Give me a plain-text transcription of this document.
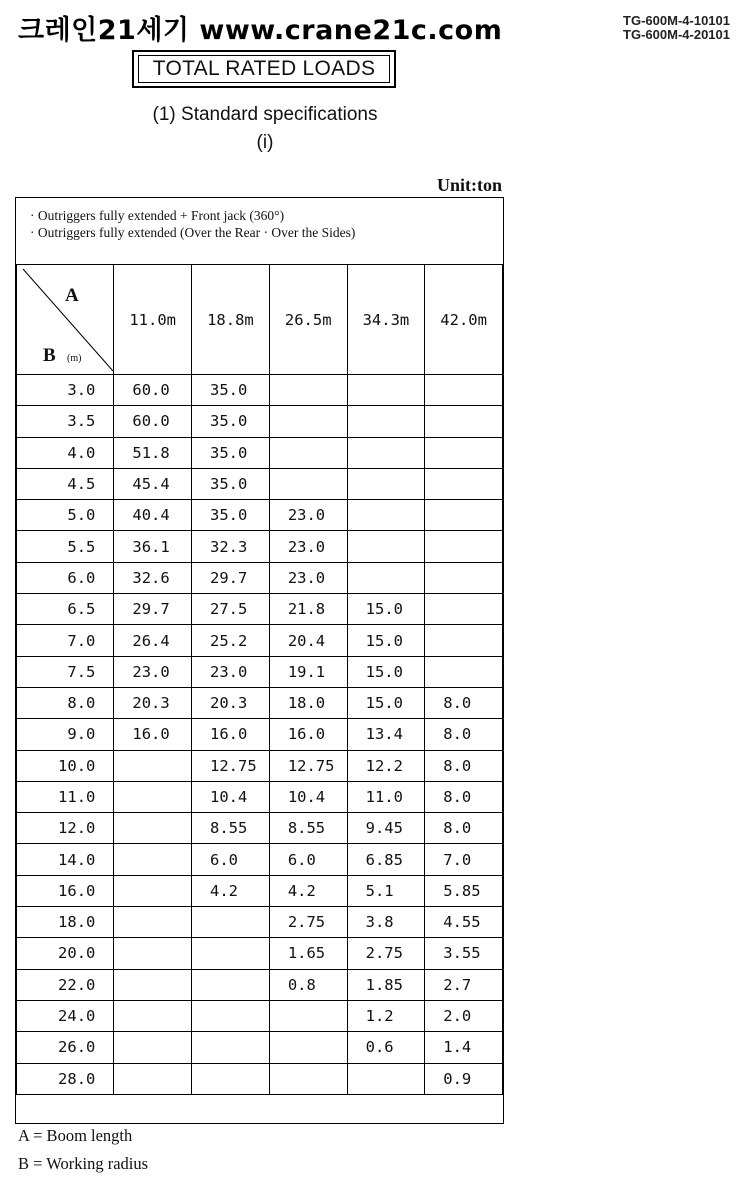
크레인21세기 www.crane21c.com	TG-600M-4-10101
TG-600M-4-20101
TOTAL RATED LOADS
(1) Standard specifications
(i)
Unit:ton
· Outriggers fully extended + Front jack (360°)
· Outriggers fully extended (Over the Rear · Over the Sides)
A
B (m)	11.0m	18.8m	26.5m	34.3m	42.0m
3.0	60.0	35.0			
3.5	60.0	35.0			
4.0	51.8	35.0			
4.5	45.4	35.0			
5.0	40.4	35.0	23.0		
5.5	36.1	32.3	23.0		
6.0	32.6	29.7	23.0		
6.5	29.7	27.5	21.8	15.0	
7.0	26.4	25.2	20.4	15.0	
7.5	23.0	23.0	19.1	15.0	
8.0	20.3	20.3	18.0	15.0	8.0
9.0	16.0	16.0	16.0	13.4	8.0
10.0		12.75	12.75	12.2	8.0
11.0		10.4	10.4	11.0	8.0
12.0		8.55	8.55	9.45	8.0
14.0		6.0	6.0	6.85	7.0
16.0		4.2	4.2	5.1	5.85
18.0			2.75	3.8	4.55
20.0			1.65	2.75	3.55
22.0			0.8	1.85	2.7
24.0				1.2	2.0
26.0				0.6	1.4
28.0					0.9
A = Boom length
B = Working radius
